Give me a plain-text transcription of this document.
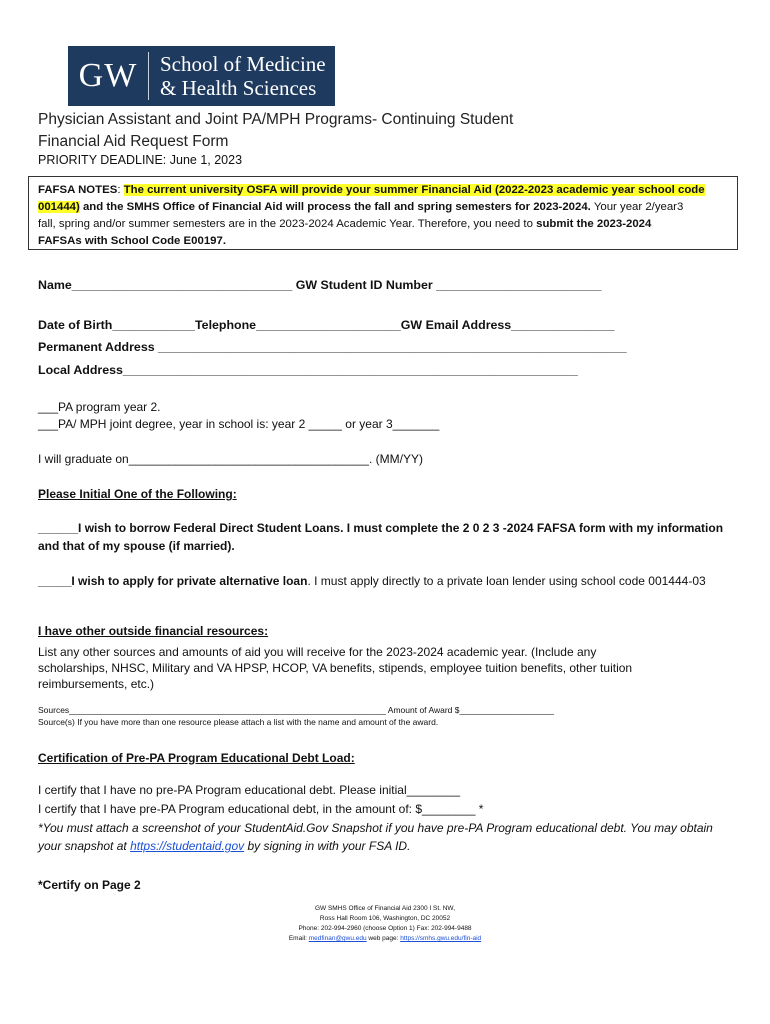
GW	School of Medicine
& Health Sciences
Physician Assistant and Joint PA/MPH Programs- Continuing Student
Financial Aid Request Form
PRIORITY DEADLINE: June 1, 2023
FAFSA NOTES: The current university OSFA will provide your summer Financial Aid (2022-2023 academic year school code
001444) and the SMHS Office of Financial Aid will process the fall and spring semesters for 2023-2024. Your year 2/year3
fall, spring and/or summer semesters are in the 2023-2024 Academic Year. Therefore, you need to submit the 2023-2024
FAFSAs with School Code E00197.
Name________________________________ GW Student ID Number ________________________
Date of Birth____________Telephone_____________________GW Email Address_______________
Permanent Address ____________________________________________________________________
Local Address__________________________________________________________________
___PA program year 2.
___PA/ MPH joint degree, year in school is: year 2 _____ or year 3_______
I will graduate on____________________________________. (MM/YY)
Please Initial One of the Following:
______I wish to borrow Federal Direct Student Loans. I must complete the 2 0 2 3 -2024 FAFSA form with my information
and that of my spouse (if married).
_____I wish to apply for private alternative loan. I must apply directly to a private loan lender using school code 001444-03
I have other outside financial resources:
List any other sources and amounts of aid you will receive for the 2023-2024 academic year. (Include any
scholarships, NHSC, Military and VA HPSP, HCOP, VA benefits, stipends, employee tuition benefits, other tuition
reimbursements, etc.)
Sources___________________________________________________________________ Amount of Award $____________________
Source(s) If you have more than one resource please attach a list with the name and amount of the award.
Certification of Pre-PA Program Educational Debt Load:
I certify that I have no pre-PA Program educational debt. Please initial________
I certify that I have pre-PA Program educational debt, in the amount of: $________ *
*You must attach a screenshot of your StudentAid.Gov Snapshot if you have pre-PA Program educational debt. You may obtain
your snapshot at https://studentaid.gov by signing in with your FSA ID.
*Certify on Page 2
GW SMHS Office of Financial Aid 2300 I St. NW,
Ross Hall Room 106, Washington, DC 20052
Phone: 202-994-2960 (choose Option 1) Fax: 202-994-9488
Email: medfinan@gwu.edu web page: https://smhs.gwu.edu/fin-aid
